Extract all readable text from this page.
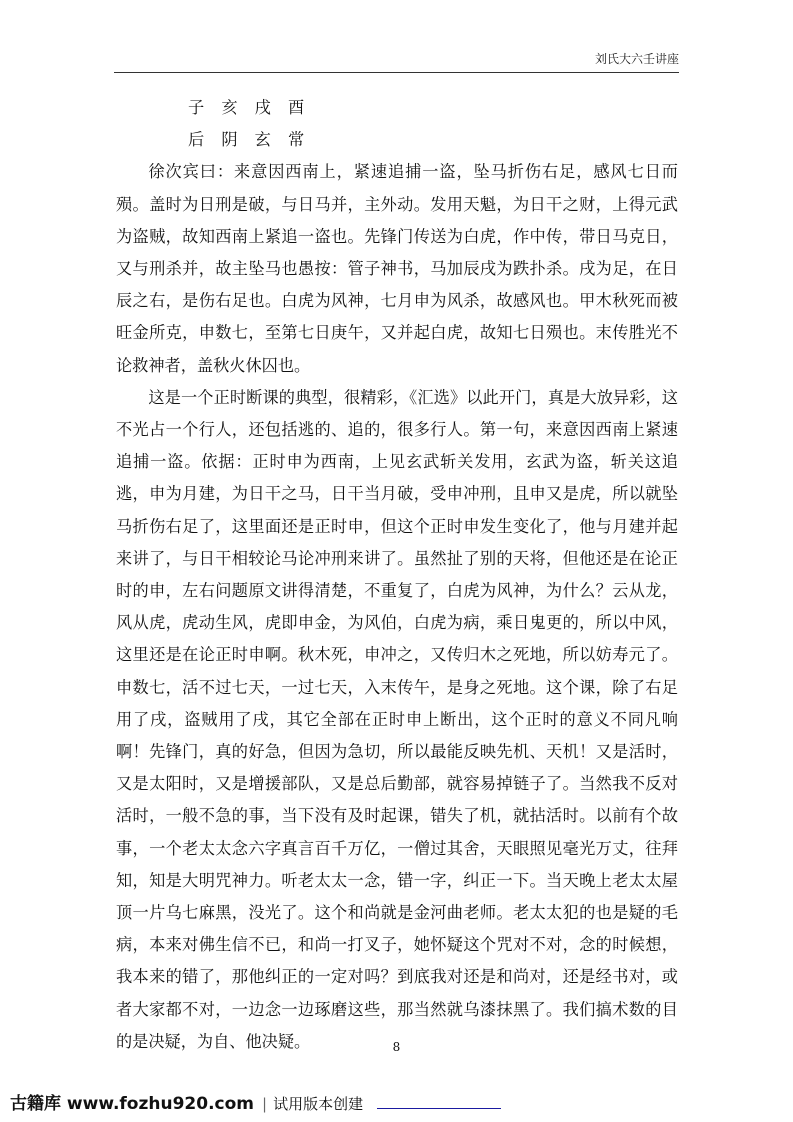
刘氏大六壬讲座

子 亥 戌 酉

后 阴 玄 常

徐次宾曰：来意因西南上，紧速追捕一盗，坠马折伤右足，感风七日而殒。盖时为日刑是破，与日马并，主外动。发用天魁，为日干之财，上得元武为盗贼，故知西南上紧追一盗也。先锋门传送为白虎，作中传，带日马克日，又与刑杀并，故主坠马也愚按：管子神书，马加辰戌为跌扑杀。戌为足，在日辰之右，是伤右足也。白虎为风神，七月申为风杀，故感风也。甲木秋死而被旺金所克，申数七，至第七日庚午，又并起白虎，故知七日殒也。末传胜光不论救神者，盖秋火休囚也。

这是一个正时断课的典型，很精彩，《汇选》以此开门，真是大放异彩，这不光占一个行人，还包括逃的、追的，很多行人。第一句，来意因西南上紧速追捕一盗。依据：正时申为西南，上见玄武斩关发用，玄武为盗，斩关这追逃，申为月建，为日干之马，日干当月破，受申冲刑，且申又是虎，所以就坠马折伤右足了，这里面还是正时申，但这个正时申发生变化了，他与月建并起来讲了，与日干相较论马论冲刑来讲了。虽然扯了别的天将，但他还是在论正时的申，左右问题原文讲得清楚，不重复了，白虎为风神，为什么？云从龙，风从虎，虎动生风，虎即申金，为风伯，白虎为病，乘日鬼更的，所以中风，这里还是在论正时申啊。秋木死，申冲之，又传归木之死地，所以妨寿元了。申数七，活不过七天，一过七天，入末传午，是身之死地。这个课，除了右足用了戌，盗贼用了戌，其它全部在正时申上断出，这个正时的意义不同凡响啊！先锋门，真的好急，但因为急切，所以最能反映先机、天机！又是活时，又是太阳时，又是增援部队，又是总后勤部，就容易掉链子了。当然我不反对活时，一般不急的事，当下没有及时起课，错失了机，就拈活时。以前有个故事，一个老太太念六字真言百千万亿，一僧过其舍，天眼照见毫光万丈，往拜知，知是大明咒神力。听老太太一念，错一字，纠正一下。当天晚上老太太屋顶一片乌七麻黑，没光了。这个和尚就是金河曲老师。老太太犯的也是疑的毛病，本来对佛生信不已，和尚一打叉子，她怀疑这个咒对不对，念的时候想，我本来的错了，那他纠正的一定对吗？到底我对还是和尚对，还是经书对，或者大家都不对，一边念一边琢磨这些，那当然就乌漆抹黑了。我们搞术数的目的是决疑，为自、他决疑。	8
古籍库 www.fozhu920.com | 试用版本创建
